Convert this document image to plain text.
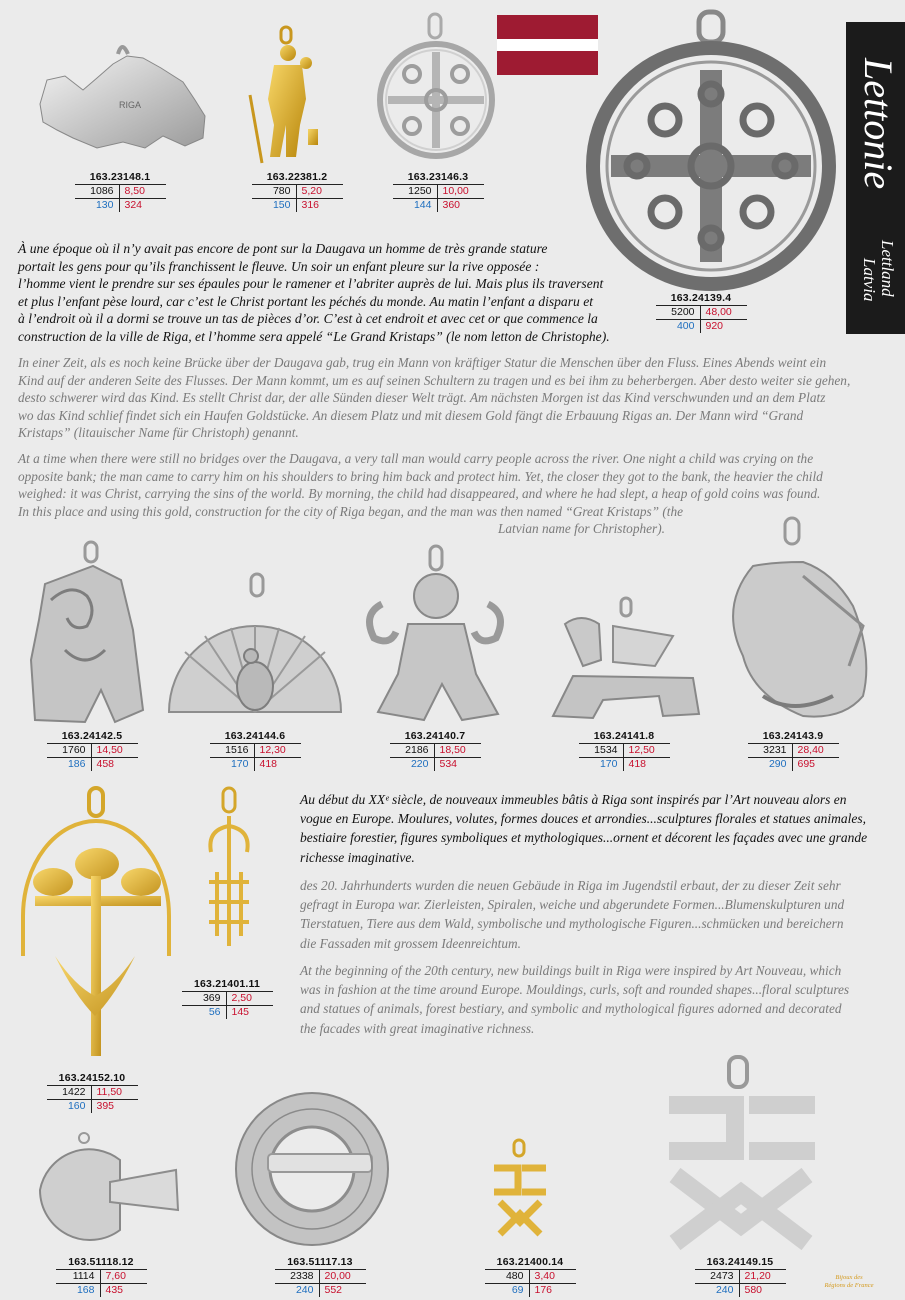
Lettonie
Lettland
Latvia
RIGA
163.23148.1
1086	8,50
130	324
163.22381.2
780	5,20
150	316
163.23146.3
1250	10,00
144	360
163.24139.4
5200	48,00
400	920
163.24142.5
1760	14,50
186	458
163.24144.6
1516	12,30
170	418
163.24140.7
2186	18,50
220	534
163.24141.8
1534	12,50
170	418
163.24143.9
3231	28,40
290	695
163.24152.10
1422	11,50
160	395
163.21401.11
369	2,50
56	145
163.51118.12
1114	7,60
168	435
163.51117.13
2338	20,00
240	552
163.21400.14
480	3,40
69	176
163.24149.15
2473	21,20
240	580
À une époque où il n’y avait pas encore de pont sur la Daugava un homme de très grande stature
portait les gens pour qu’ils franchissent le fleuve. Un soir un enfant pleure sur la rive opposée :
l’homme vient le prendre sur ses épaules pour le ramener et l’abriter auprès de lui. Mais plus ils traversent
et plus l’enfant pèse lourd, car c’est le Christ portant les péchés du monde. Au matin l’enfant a disparu et
à l’endroit où il a dormi se trouve un tas de pièces d’or. C’est à cet endroit et avec cet or que commence la
construction de la ville de Riga, et l’homme sera appelé “Le Grand Kristaps” (le nom letton de Christophe).
In einer Zeit, als es noch keine Brücke über der Daugava gab, trug ein Mann von kräftiger Statur die Menschen über den Fluss. Eines Abends weint ein
Kind auf der anderen Seite des Flusses. Der Mann kommt, um es auf seinen Schultern zu tragen und es bei ihm zu beherbergen. Aber desto weiter sie gehen,
desto schwerer wird das Kind. Es stellt Christ dar, der alle Sünden dieser Welt trägt. Am nächsten Morgen ist das Kind verschwunden und an dem Platz
wo das Kind schlief findet sich ein Haufen Goldstücke. An diesem Platz und mit diesem Gold fängt die Erbauung Rigas an. Der Mann wird “Grand
Kristaps” (litauischer Name für Christoph) genannt.
At a time when there were still no bridges over the Daugava, a very tall man would carry people across the river. One night a child was crying on the
opposite bank; the man came to carry him on his shoulders to bring him back and protect him. Yet, the closer they got to the bank, the heavier the child
weighed: it was Christ, carrying the sins of the world. By morning, the child had disappeared, and where he had slept, a heap of gold coins was found.
In this place and using this gold, construction for the city of Riga began, and the man was then named “Great Kristaps” (the
Latvian name for Christopher).
Au début du XXᵉ siècle, de nouveaux immeubles bâtis à Riga sont inspirés par l’Art nouveau alors en
vogue en Europe. Moulures, volutes, formes douces et arrondies...sculptures florales et statues animales,
bestiaire forestier, figures symboliques et mythologiques...ornent et décorent les façades avec une grande
richesse imaginative.
des 20. Jahrhunderts wurden die neuen Gebäude in Riga im Jugendstil erbaut, der zu dieser Zeit sehr
gefragt in Europa war. Zierleisten, Spiralen, weiche und abgerundete Formen...Blumenskulpturen und
Tierstatuen, Tiere aus dem Wald, symbolische und mythologische Figuren...schmücken und bereichern
die Fassaden mit grossem Ideenreichtum.
At the beginning of the 20th century, new buildings built in Riga were inspired by Art Nouveau, which
was in fashion at the time around Europe. Mouldings, curls, soft and rounded shapes...floral sculptures
and statues of animals, forest bestiary, and symbolic and mythological figures adorned and decorated
the facades with great imaginative richness.
Bijoux des
Régions de France
